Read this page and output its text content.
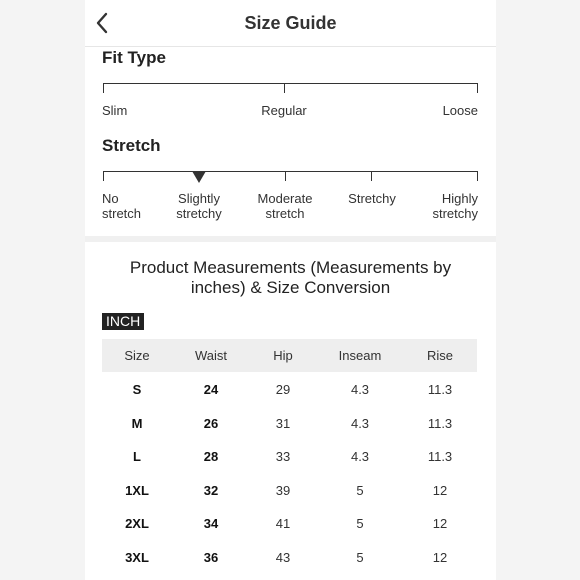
Size Guide
Fit Type
Slim	Regular	Loose
Stretch
No
stretch
Slightly
stretchy
Moderate
stretch
Stretchy	Highly
stretchy
Product Measurements (Measurements by inches) & Size Conversion
INCH
Size	Waist	Hip	Inseam	Rise
S	24	29	4.3	11.3
M	26	31	4.3	11.3
L	28	33	4.3	11.3
1XL	32	39	5	12
2XL	34	41	5	12
3XL	36	43	5	12
